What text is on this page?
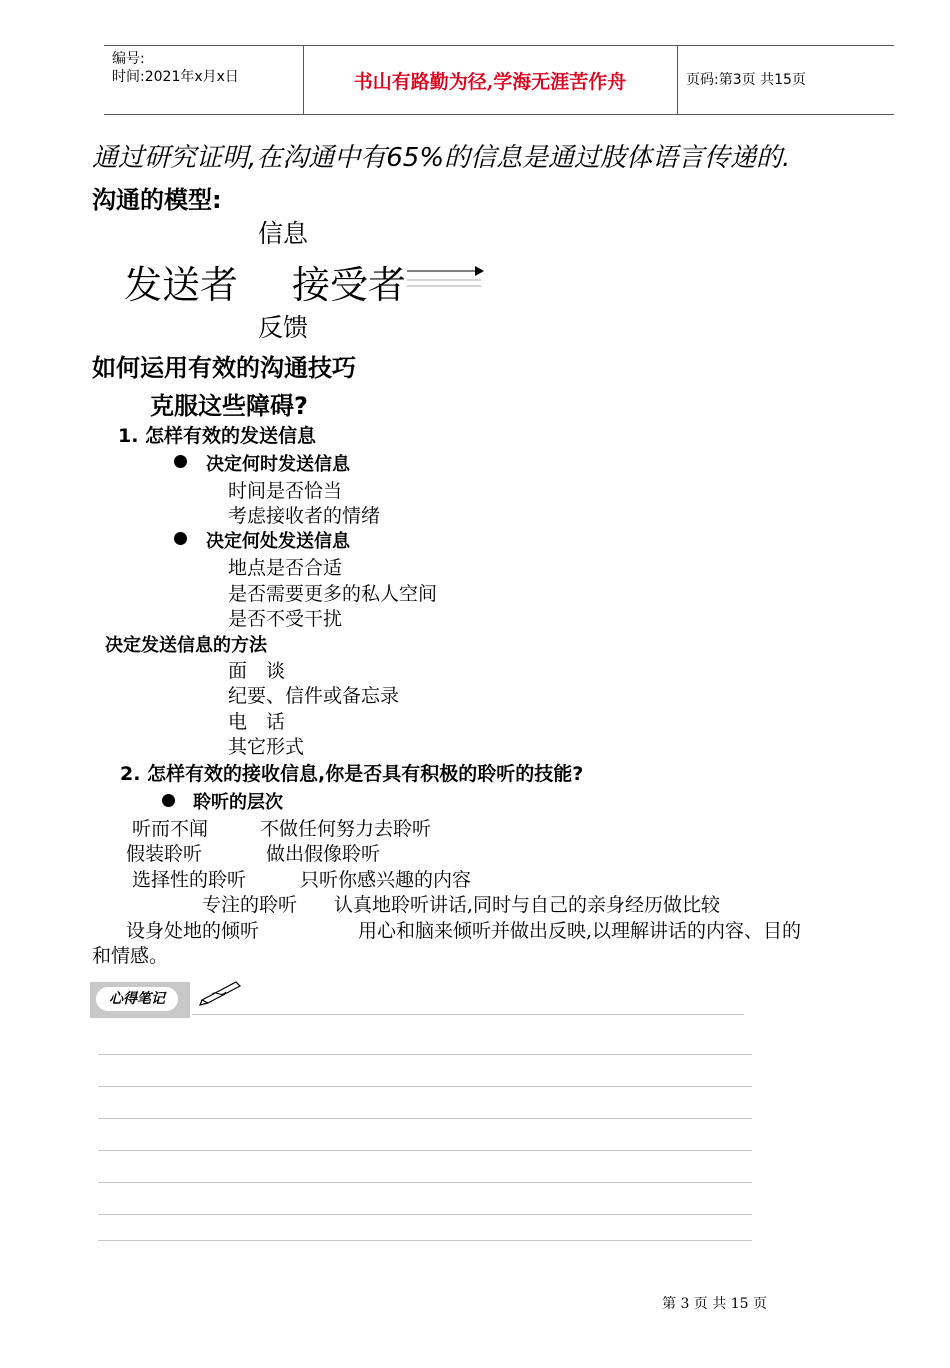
编号:
时间:2021年x月x日	书山有路勤为径,学海无涯苦作舟	页码:第3页 共15页
通过研究证明,在沟通中有65%的信息是通过肢体语言传递的.
沟通的模型:
信息
发送者 接受者
反馈
如何运用有效的沟通技巧
克服这些障碍?
1. 怎样有效的发送信息
决定何时发送信息
时间是否恰当
考虑接收者的情绪
决定何处发送信息
地点是否合适
是否需要更多的私人空间
是否不受干扰
决定发送信息的方法
面　谈
纪要、信件或备忘录
电　话
其它形式
2. 怎样有效的接收信息,你是否具有积极的聆听的技能?
聆听的层次
听而不闻	不做任何努力去聆听
假装聆听	做出假像聆听
选择性的聆听	只听你感兴趣的内容
专注的聆听 认真地聆听讲话,同时与自己的亲身经历做比较
设身处地的倾听	用心和脑来倾听并做出反映,以理解讲话的内容、目的
和情感。
心得笔记
第 3 页 共 15 页
